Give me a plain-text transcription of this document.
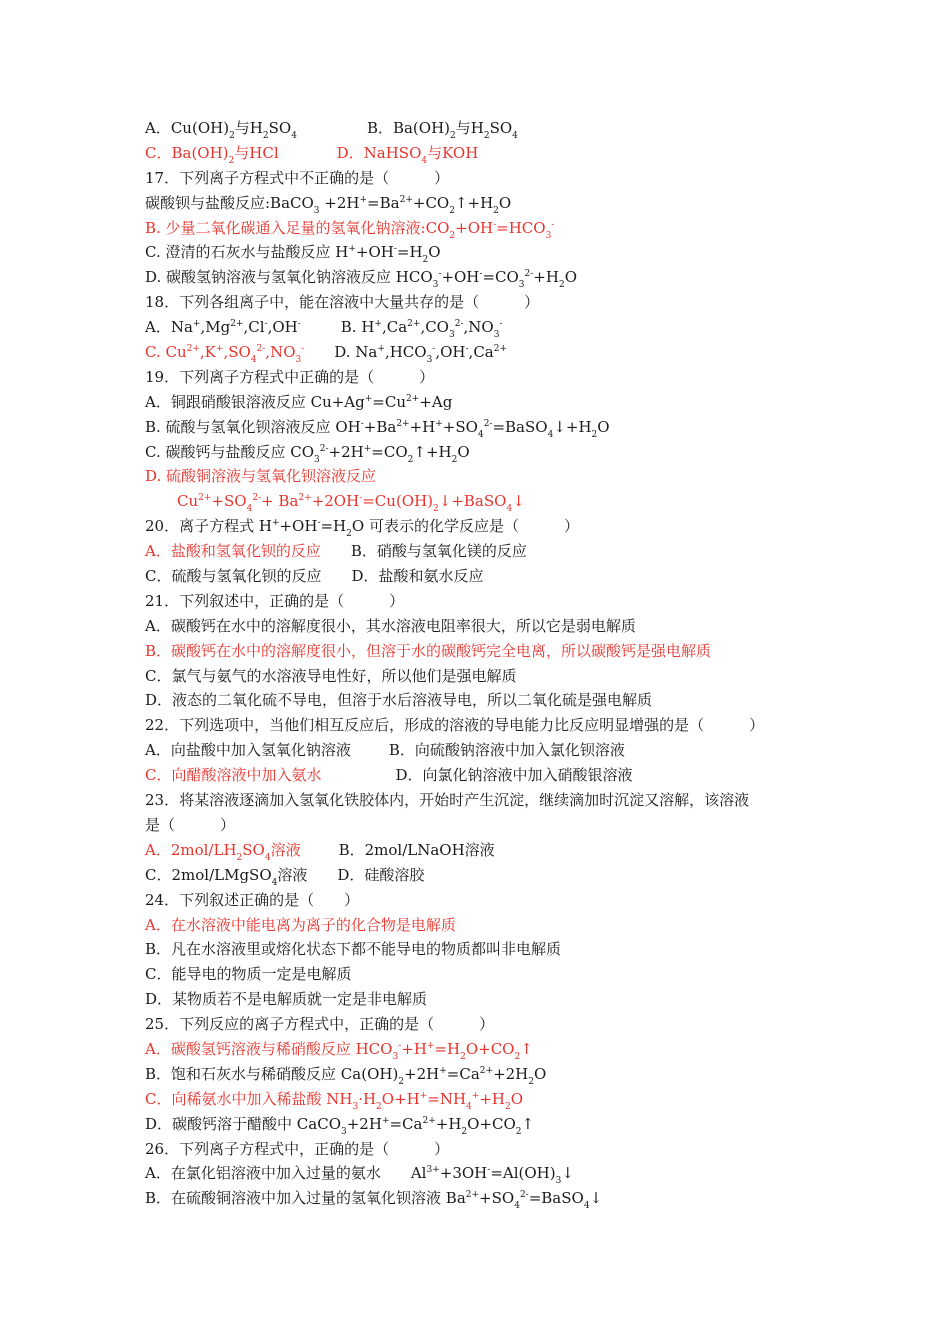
A．$Cu(OH)_2$与$H_2SO_4$	B．$Ba(OH)_2$与$H_2SO_4$
C．$Ba(OH)_2$与HCl	D．NaHSO$_4$与KOH
17．下列离子方程式中不正确的是（　　　）
碳酸钡与盐酸反应:BaCO$_3$ $+2H^+=Ba^{2+}+CO_2↑+H_2O$
B. 少量二氧化碳通入足量的氢氧化钠溶液$:CO_2+OH^-=HCO_3^-$
C. 澄清的石灰水与盐酸反应 $H^++OH^-=H_2O$
D. 碳酸氢钠溶液与氢氧化钠溶液反应 $HCO_3^-+OH^-=CO_3^{2-}+H_2O$
18．下列各组离子中，能在溶液中大量共存的是（　　　）
A．$Na^+,Mg^{2+},Cl^-,OH^-$	B. $H^+,Ca^{2+},CO_3^{2-},NO_3^-$
C. $Cu^{2+},K^+,SO_4^{2-},NO_3^-$ D. $Na^+,HCO_3^-,OH^-,Ca^{2+}$
19．下列离子方程式中正确的是（　　　）
A．铜跟硝酸银溶液反应 $Cu+Ag^+=Cu^{2+}+Ag$
B. 硫酸与氢氧化钡溶液反应 $OH^-+Ba^{2+}+H^++SO_4^{2-}=BaSO_4↓+H_2O$
C. 碳酸钙与盐酸反应 $CO_3^{2-}+2H^+=CO_2↑+H_2O$
D. 硫酸铜溶液与氢氧化钡溶液反应
$Cu^{2+}+SO_4^{2-}+$ $Ba^{2+}+2OH^-=Cu(OH)_2↓+BaSO_4↓$
20．离子方程式 $H^++OH^-=H_2O$ 可表示的化学反应是（　　　）
A．盐酸和氢氧化钡的反应 B．硝酸与氢氧化镁的反应
C．硫酸与氢氧化钡的反应 D．盐酸和氨水反应
21．下列叙述中，正确的是（　　　）
A．碳酸钙在水中的溶解度很小，其水溶液电阻率很大，所以它是弱电解质
B．碳酸钙在水中的溶解度很小，但溶于水的碳酸钙完全电离，所以碳酸钙是强电解质
C．氯气与氨气的水溶液导电性好，所以他们是强电解质
D．液态的二氧化硫不导电，但溶于水后溶液导电，所以二氧化硫是强电解质
22．下列选项中，当他们相互反应后，形成的溶液的导电能力比反应明显增强的是（　　　）
A．向盐酸中加入氢氧化钠溶液	B．向硫酸钠溶液中加入氯化钡溶液
C．向醋酸溶液中加入氨水	D．向氯化钠溶液中加入硝酸银溶液
23．将某溶液逐滴加入氢氧化铁胶体内，开始时产生沉淀，继续滴加时沉淀又溶解，该溶液
是（　　　）
A．$2mol/LH_2SO_4$溶液	B．2mol/LNaOH溶液
C．2mol/LMgSO$_4$溶液 D．硅酸溶胶
24．下列叙述正确的是（　　）
A．在水溶液中能电离为离子的化合物是电解质
B．凡在水溶液里或熔化状态下都不能导电的物质都叫非电解质
C．能导电的物质一定是电解质
D．某物质若不是电解质就一定是非电解质
25．下列反应的离子方程式中，正确的是（　　　）
A．碳酸氢钙溶液与稀硝酸反应 $HCO_3^-+H^+=H_2O+CO_2↑$
B．饱和石灰水与稀硝酸反应 $Ca(OH)_2+2H^+=Ca^{2+}+2H_2O$
C．向稀氨水中加入稀盐酸 $NH_3\cdot H_2O+H^+=NH_4^++H_2O$
D．碳酸钙溶于醋酸中 $CaCO_3+2H^+=Ca^{2+}+H_2O+CO_2↑$
26．下列离子方程式中，正确的是（　　　）
A．在氯化铝溶液中加入过量的氨水 $Al^{3+}+3OH^-=Al(OH)_3↓$
B．在硫酸铜溶液中加入过量的氢氧化钡溶液 $Ba^{2+}+SO_4^{2-}=BaSO_4↓$
